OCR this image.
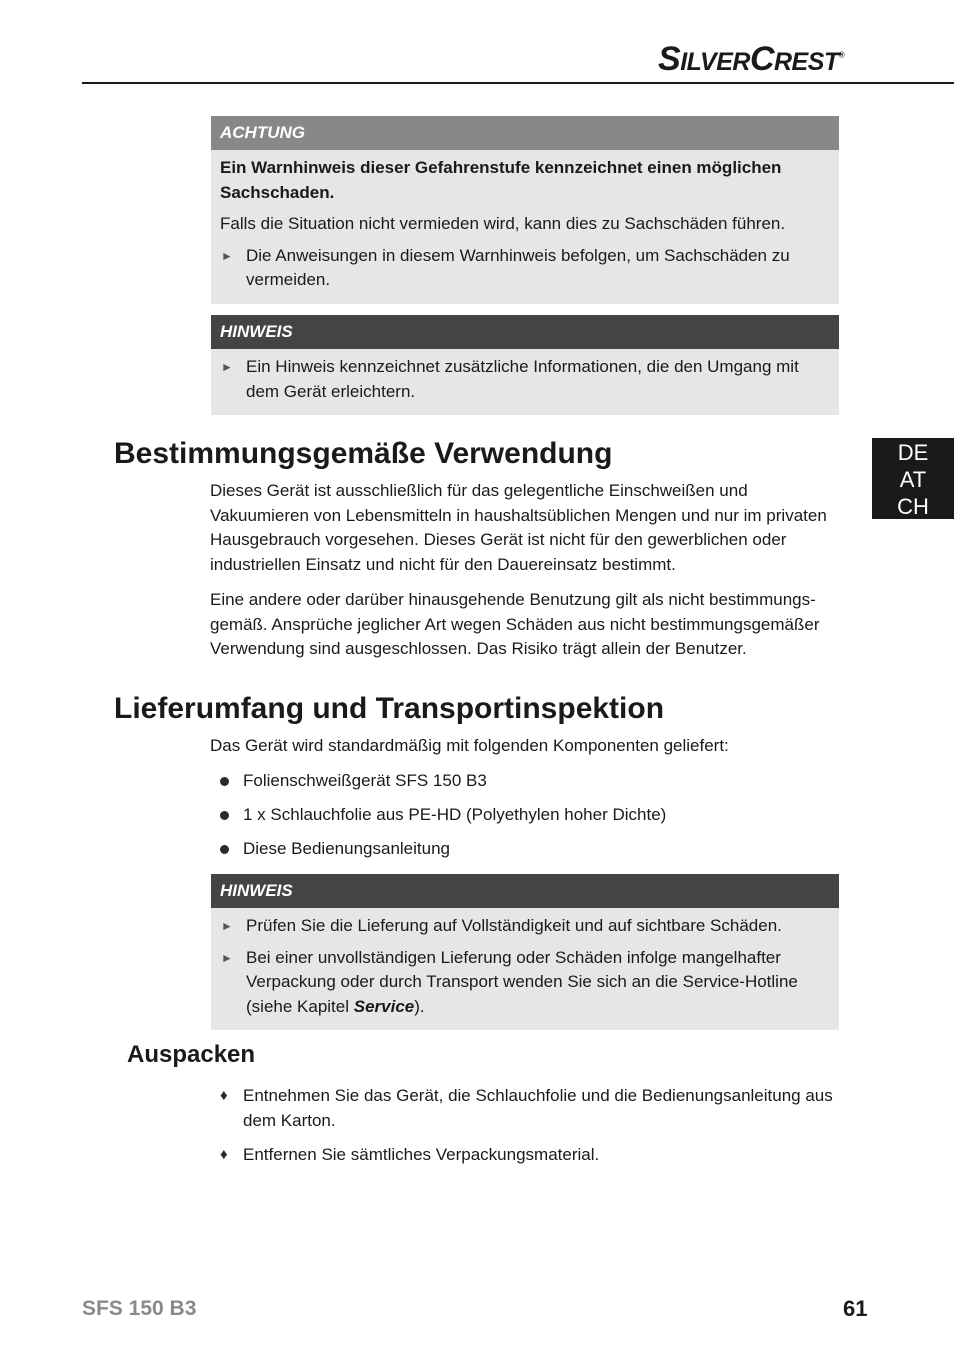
SILVERCREST®
ACHTUNG

Ein Warnhinweis dieser Gefahrenstufe kennzeichnet einen möglichen Sachschaden.

Falls die Situation nicht vermieden wird, kann dies zu Sachschäden führen.

► Die Anweisungen in diesem Warnhinweis befolgen, um Sachschäden zu vermeiden.
HINWEIS
► Ein Hinweis kennzeichnet zusätzliche Informationen, die den Umgang mit dem Gerät erleichtern.
DE
AT
CH
Bestimmungsgemäße Verwendung

Dieses Gerät ist ausschließlich für das gelegentliche Einschweißen und Vakuumieren von Lebensmitteln in haushaltsüblichen Mengen und nur im privaten Hausgebrauch vorgesehen. Dieses Gerät ist nicht für den gewerblichen oder industriellen Einsatz und nicht für den Dauereinsatz bestimmt.

Eine andere oder darüber hinausgehende Benutzung gilt als nicht bestimmungs-gemäß. Ansprüche jeglicher Art wegen Schäden aus nicht bestimmungsgemäßer Verwendung sind ausgeschlossen. Das Risiko trägt allein der Benutzer.

Lieferumfang und Transportinspektion

Das Gerät wird standardmäßig mit folgenden Komponenten geliefert:

Folienschweißgerät SFS 150 B3
1 x Schlauchfolie aus PE-HD (Polyethylen hoher Dichte)
Diese Bedienungsanleitung
HINWEIS
► Prüfen Sie die Lieferung auf Vollständigkeit und auf sichtbare Schäden.
► Bei einer unvollständigen Lieferung oder Schäden infolge mangelhafter Verpackung oder durch Transport wenden Sie sich an die Service-Hotline (siehe Kapitel Service).
Auspacken
♦ Entnehmen Sie das Gerät, die Schlauchfolie und die Bedienungsanleitung aus dem Karton.
♦ Entfernen Sie sämtliches Verpackungsmaterial.
SFS 150 B3	61
